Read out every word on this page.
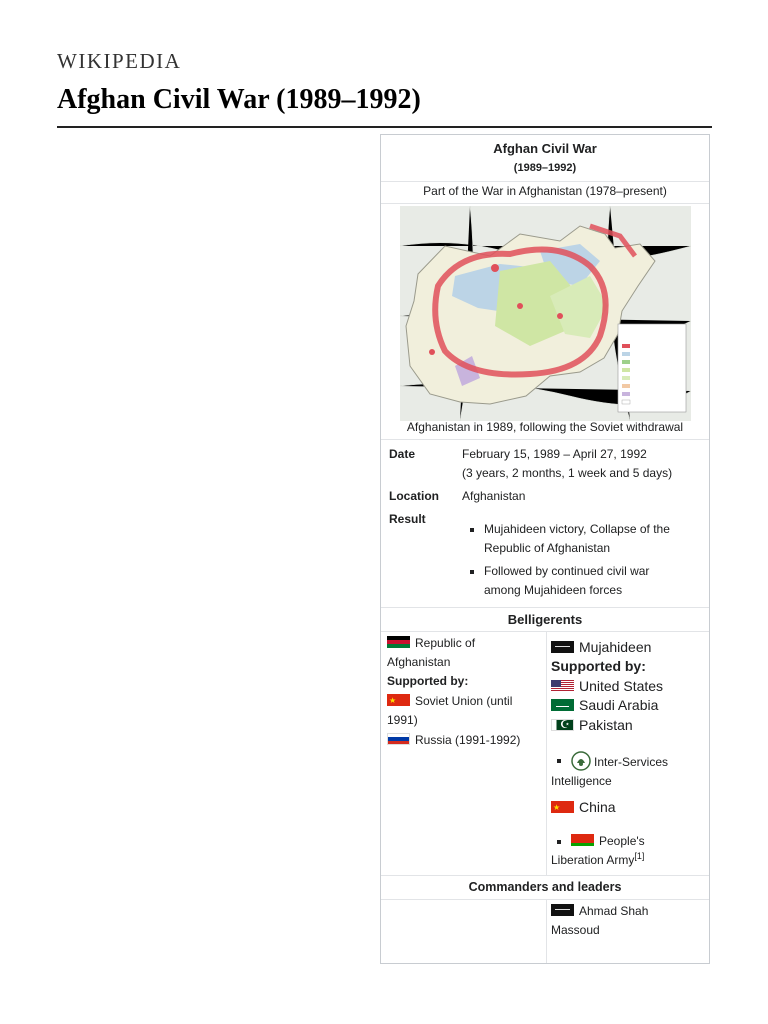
WIKIPEDIA
Afghan Civil War (1989–1992)
Afghan Civil War
(1989–1992)
Part of the War in Afghanistan (1978–present)
Afghanistan in 1989, following the Soviet withdrawal
Date	February 15, 1989 – April 27, 1992
(3 years, 2 months, 1 week and 5 days)
Location Afghanistan
Result
Mujahideen victory, Collapse of the
Republic of Afghanistan
Followed by continued civil war
among Mujahideen forces
Belligerents
Republic of
Afghanistan
Supported by:
★Soviet Union (until
1991)
Russia (1991-1992)
Mujahideen
Supported by:
United States
Saudi Arabia
☪Pakistan
Inter-Services
Intelligence
★China
People's
Liberation Army[1]
Commanders and leaders
Ahmad Shah
Massoud
